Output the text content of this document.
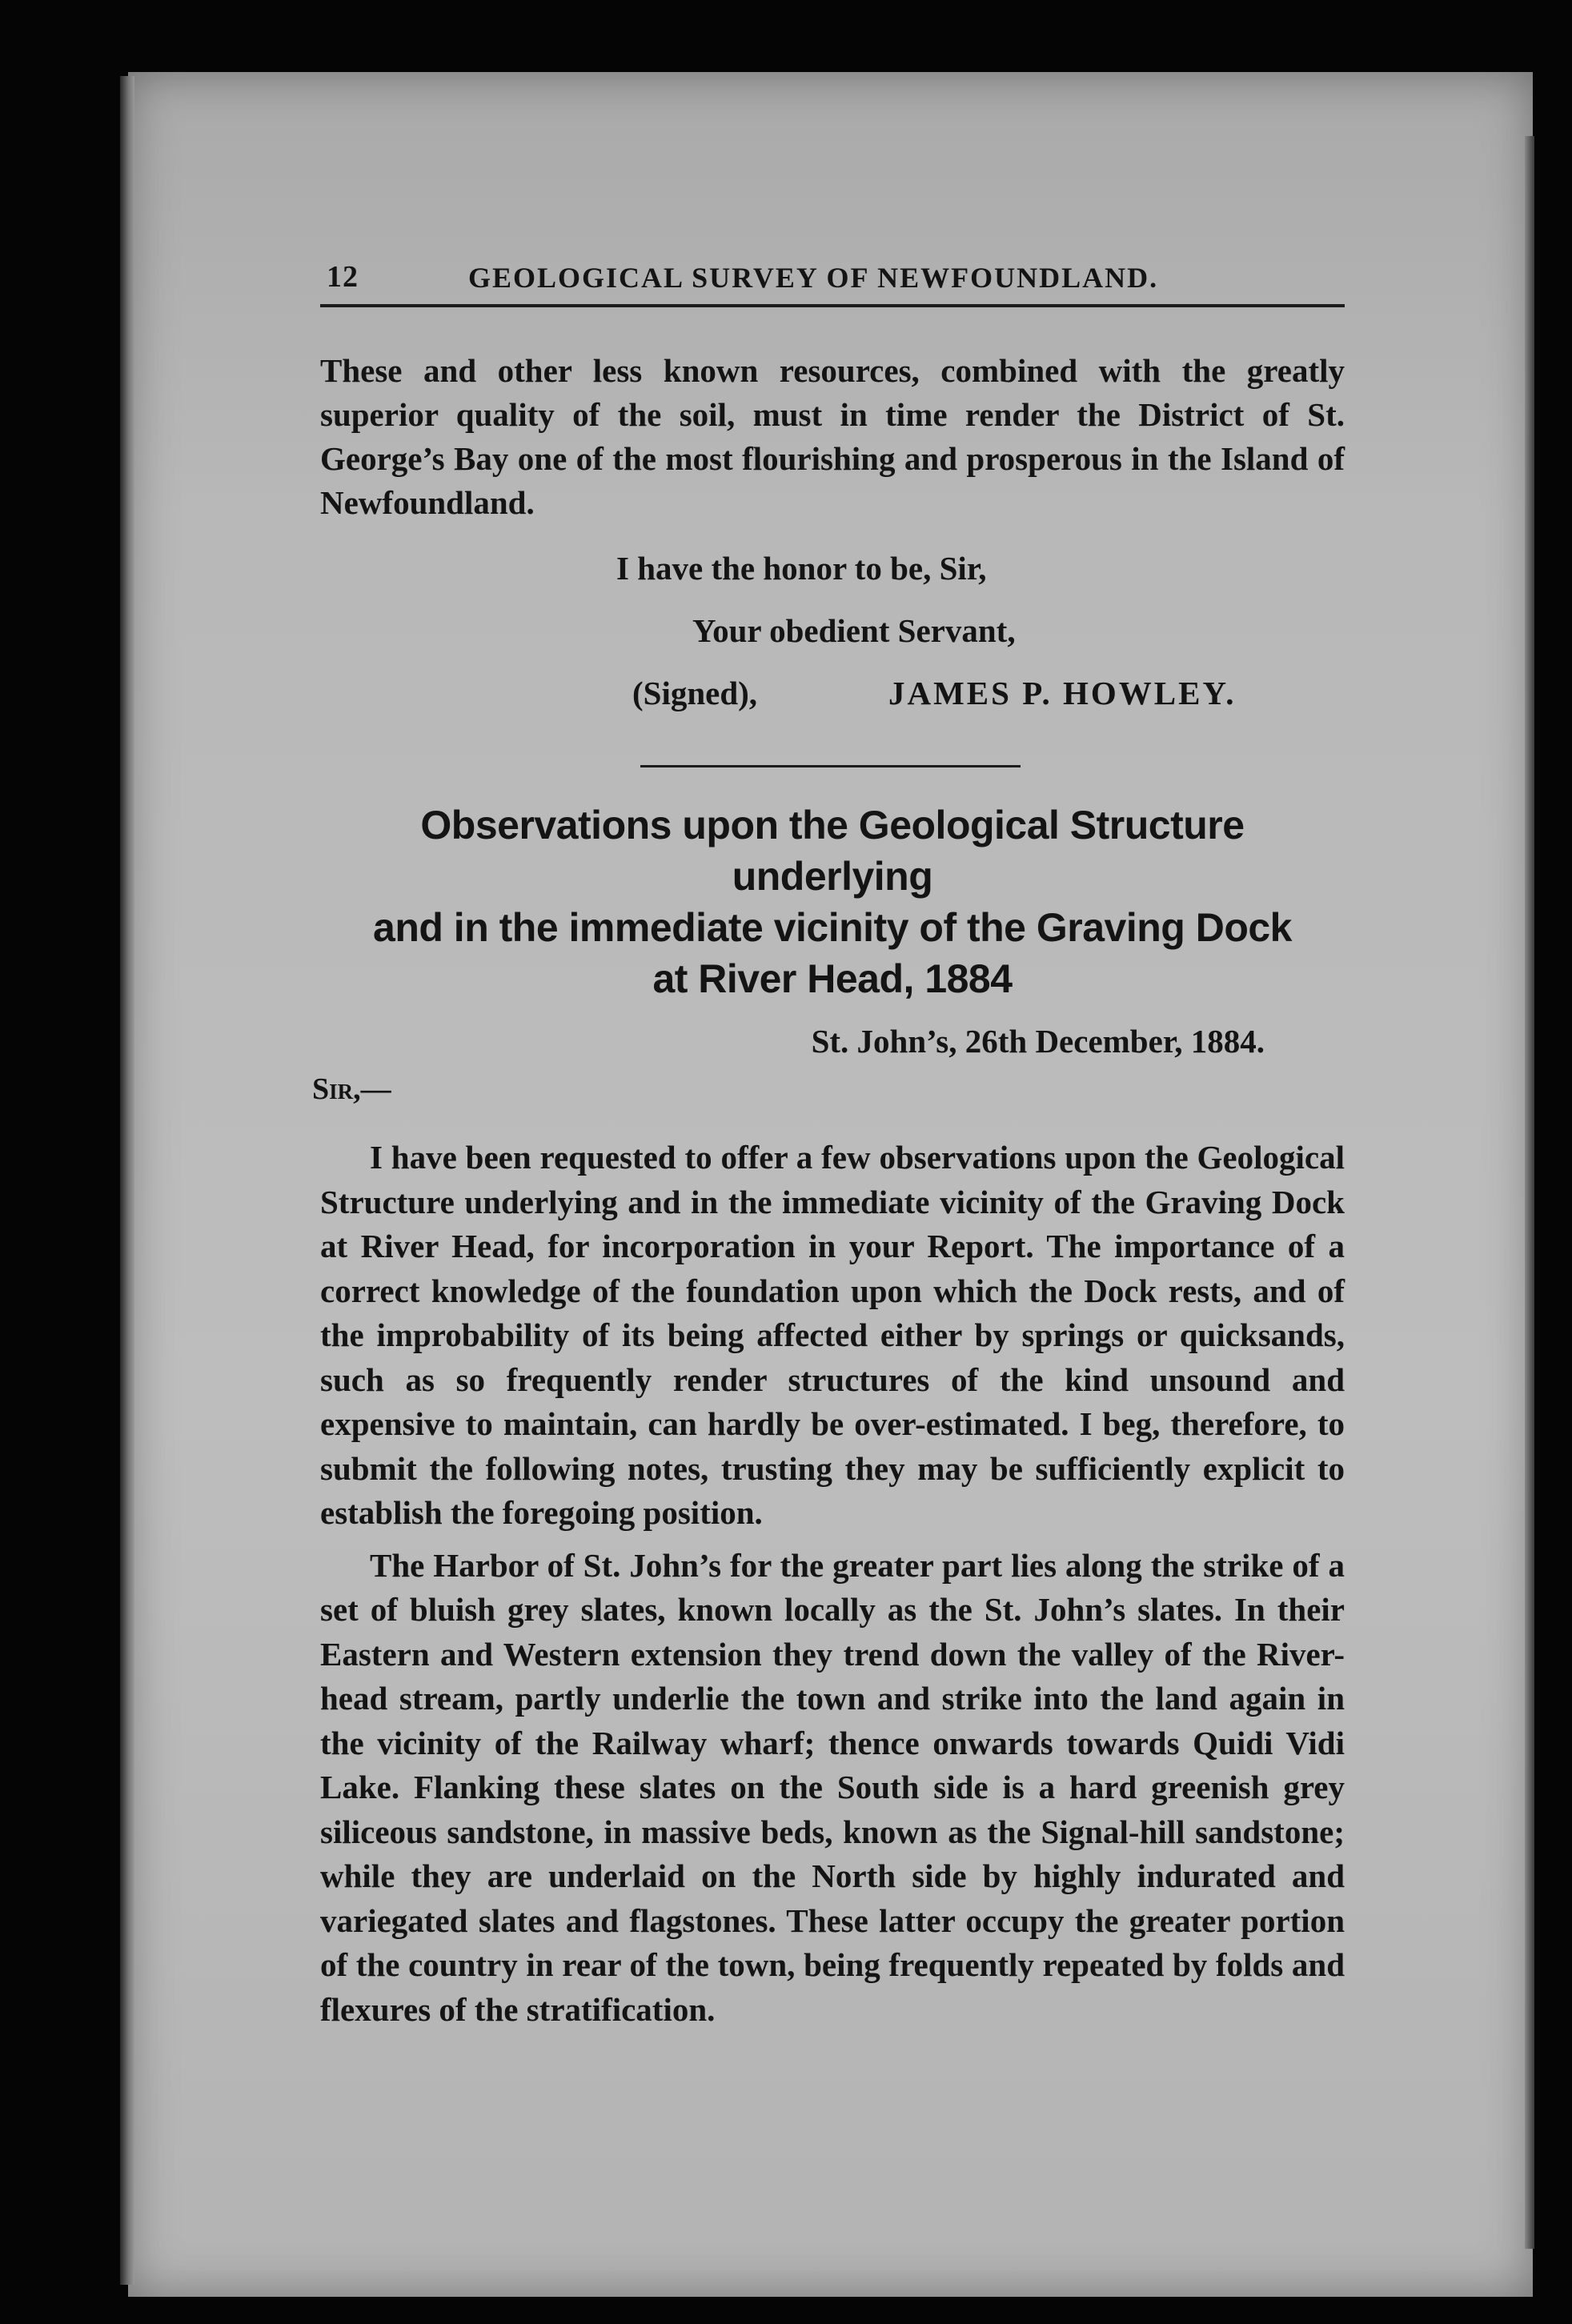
12	GEOLOGICAL SURVEY OF NEWFOUNDLAND.

These and other less known resources, combined with the greatly superior quality of the soil, must in time render the District of St. George’s Bay one of the most flourishing and prosperous in the Island of Newfoundland.

I have the honor to be, Sir,
Your obedient Servant,
(Signed),	JAMES P. HOWLEY.
Observations upon the Geological Structure underlying
and in the immediate vicinity of the Graving Dock
at River Head, 1884
St. John’s, 26th December, 1884.
Sir,—

I have been requested to offer a few observations upon the Geological Structure underlying and in the immediate vicinity of the Graving Dock at River Head, for incorporation in your Report. The importance of a correct knowledge of the foundation upon which the Dock rests, and of the improbability of its being affected either by springs or quicksands, such as so frequently render structures of the kind unsound and expensive to maintain, can hardly be over-estimated. I beg, therefore, to submit the following notes, trusting they may be sufficiently explicit to establish the foregoing position.

The Harbor of St. John’s for the greater part lies along the strike of a set of bluish grey slates, known locally as the St. John’s slates. In their Eastern and Western extension they trend down the valley of the River-head stream, partly underlie the town and strike into the land again in the vicinity of the Railway wharf; thence onwards towards Quidi Vidi Lake. Flanking these slates on the South side is a hard greenish grey siliceous sandstone, in massive beds, known as the Signal-hill sandstone; while they are underlaid on the North side by highly indurated and variegated slates and flagstones. These latter occupy the greater portion of the country in rear of the town, being frequently repeated by folds and flexures of the stratification.
